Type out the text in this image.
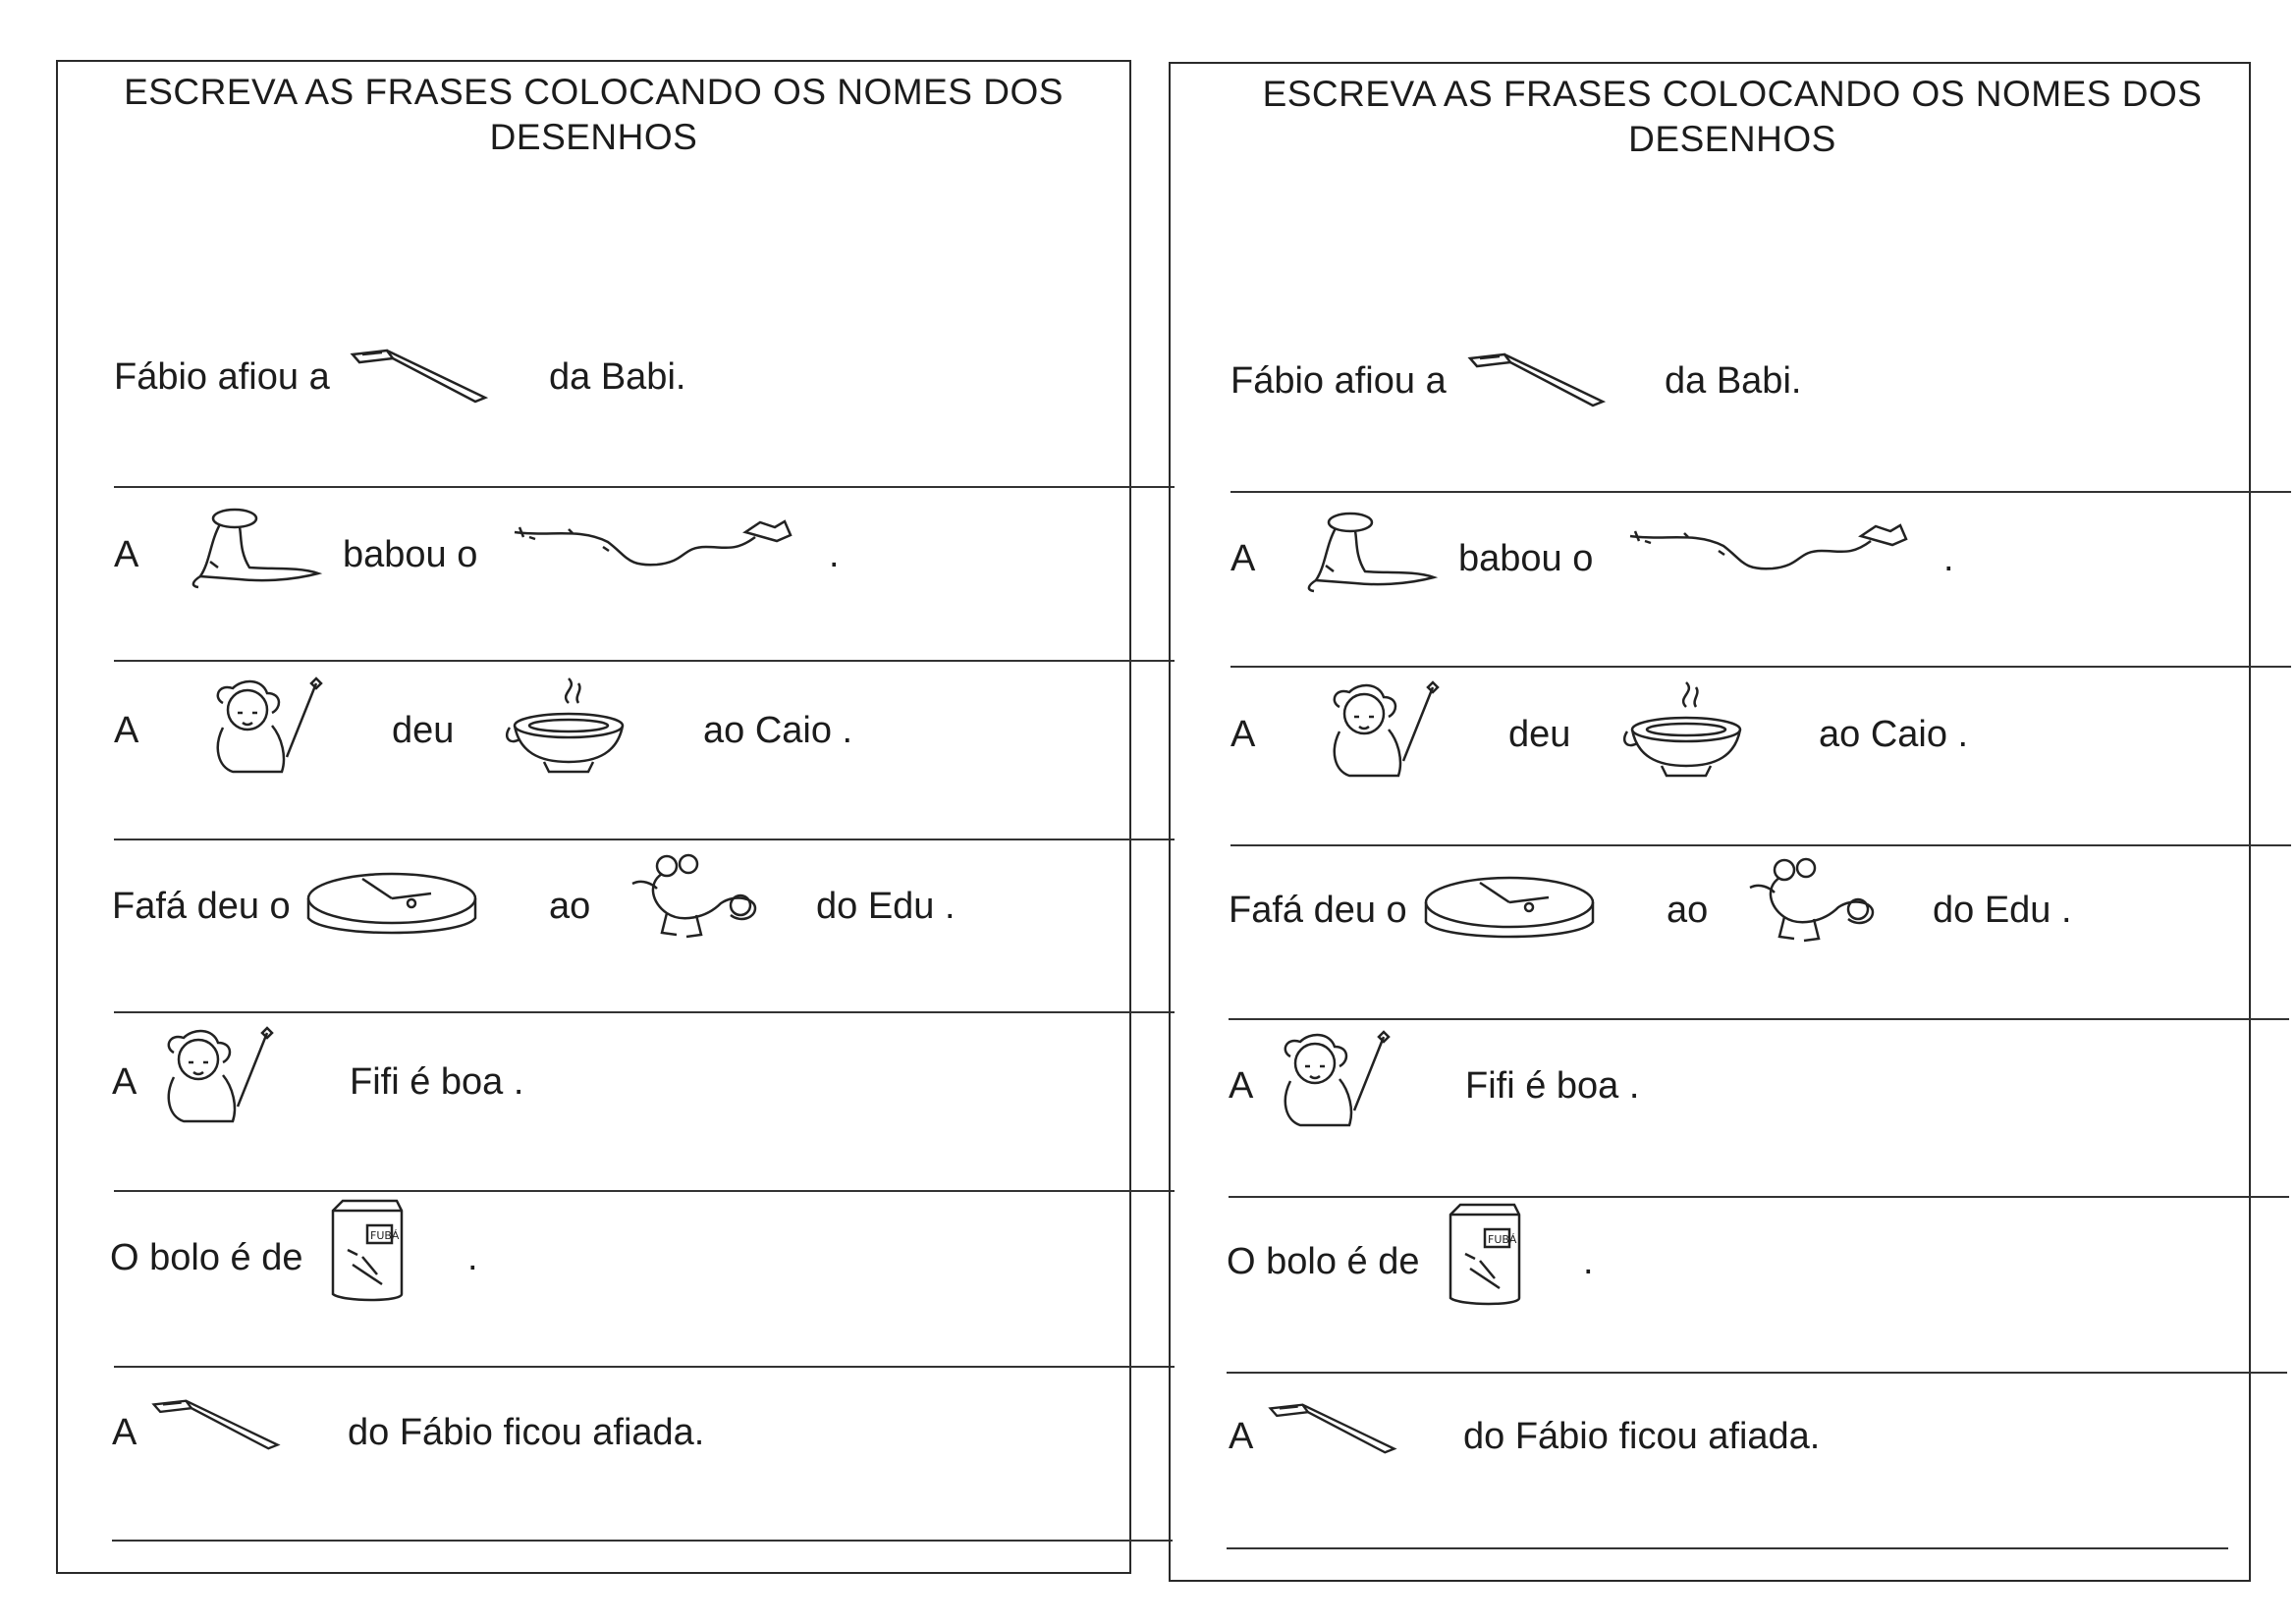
ESCREVA AS FRASES COLOCANDO OS NOMES DOS
DESENHOS
Fábio afiou a	da Babi.
A	babou o	.
A	deu	ao Caio .
Fafá deu o	ao	do Edu .
A	Fifi é boa .
O bolo é de
FUBÁ
.
A	do Fábio ficou afiada.
ESCREVA AS FRASES COLOCANDO OS NOMES DOS
DESENHOS
Fábio afiou a	da Babi.
A	babou o	.
A	deu	ao Caio .
Fafá deu o	ao	do Edu .
A	Fifi é boa .
O bolo é de
FUBÁ
.
A	do Fábio ficou afiada.
